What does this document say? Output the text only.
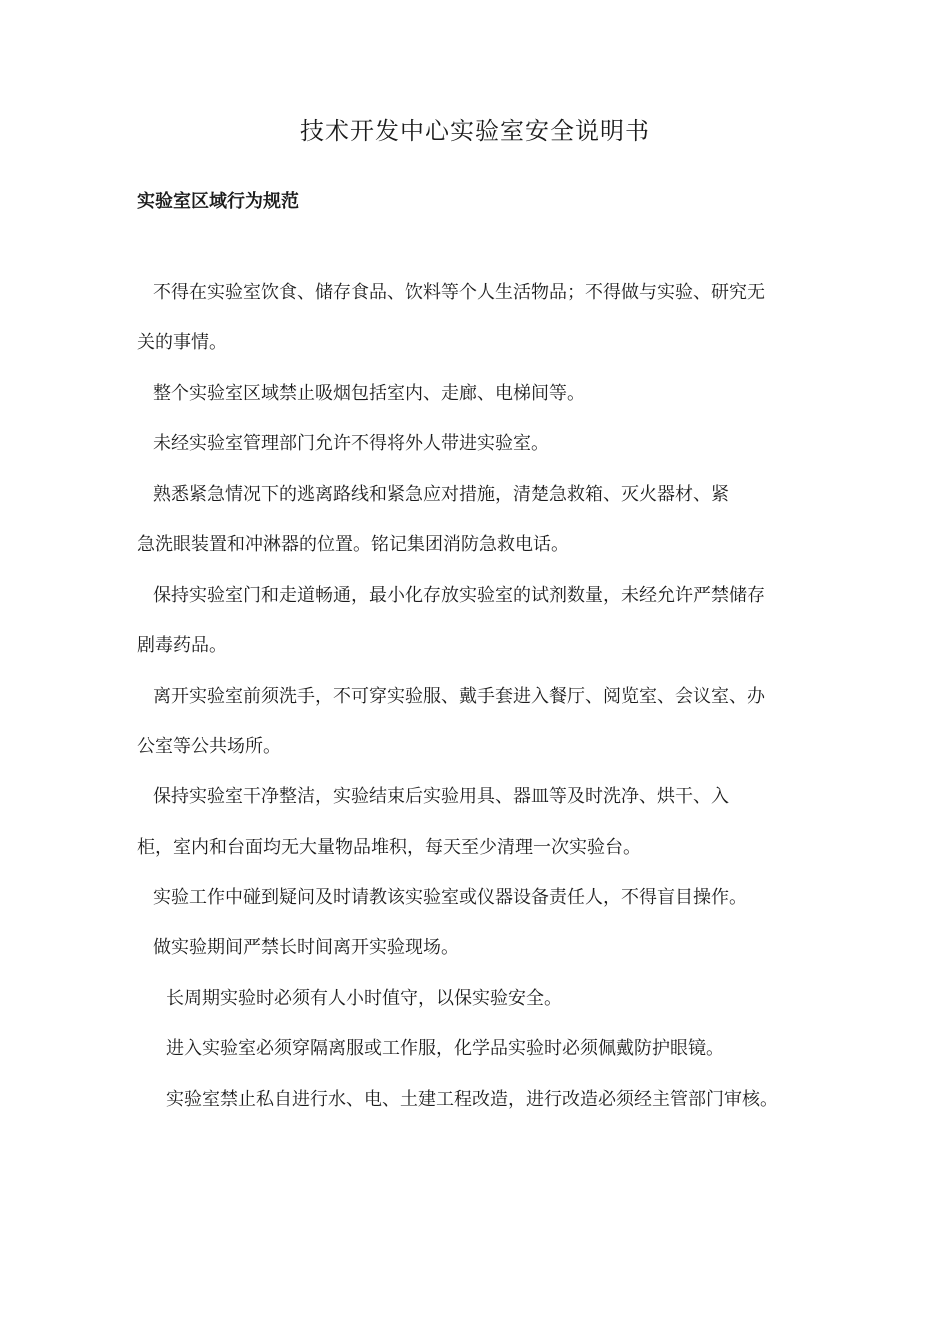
技术开发中心实验室安全说明书
实验室区域行为规范
不得在实验室饮食、储存食品、饮料等个人生活物品；不得做与实验、研究无
关的事情。
整个实验室区域禁止吸烟包括室内、走廊、电梯间等。
未经实验室管理部门允许不得将外人带进实验室。
熟悉紧急情况下的逃离路线和紧急应对措施，清楚急救箱、灭火器材、紧
急洗眼装置和冲淋器的位置。铭记集团消防急救电话。
保持实验室门和走道畅通，最小化存放实验室的试剂数量，未经允许严禁储存
剧毒药品。
离开实验室前须洗手，不可穿实验服、戴手套进入餐厅、阅览室、会议室、办
公室等公共场所。
保持实验室干净整洁，实验结束后实验用具、器皿等及时洗净、烘干、入
柜，室内和台面均无大量物品堆积，每天至少清理一次实验台。
实验工作中碰到疑问及时请教该实验室或仪器设备责任人，不得盲目操作。
做实验期间严禁长时间离开实验现场。
长周期实验时必须有人小时值守，以保实验安全。
进入实验室必须穿隔离服或工作服，化学品实验时必须佩戴防护眼镜。
实验室禁止私自进行水、电、土建工程改造，进行改造必须经主管部门审核。
